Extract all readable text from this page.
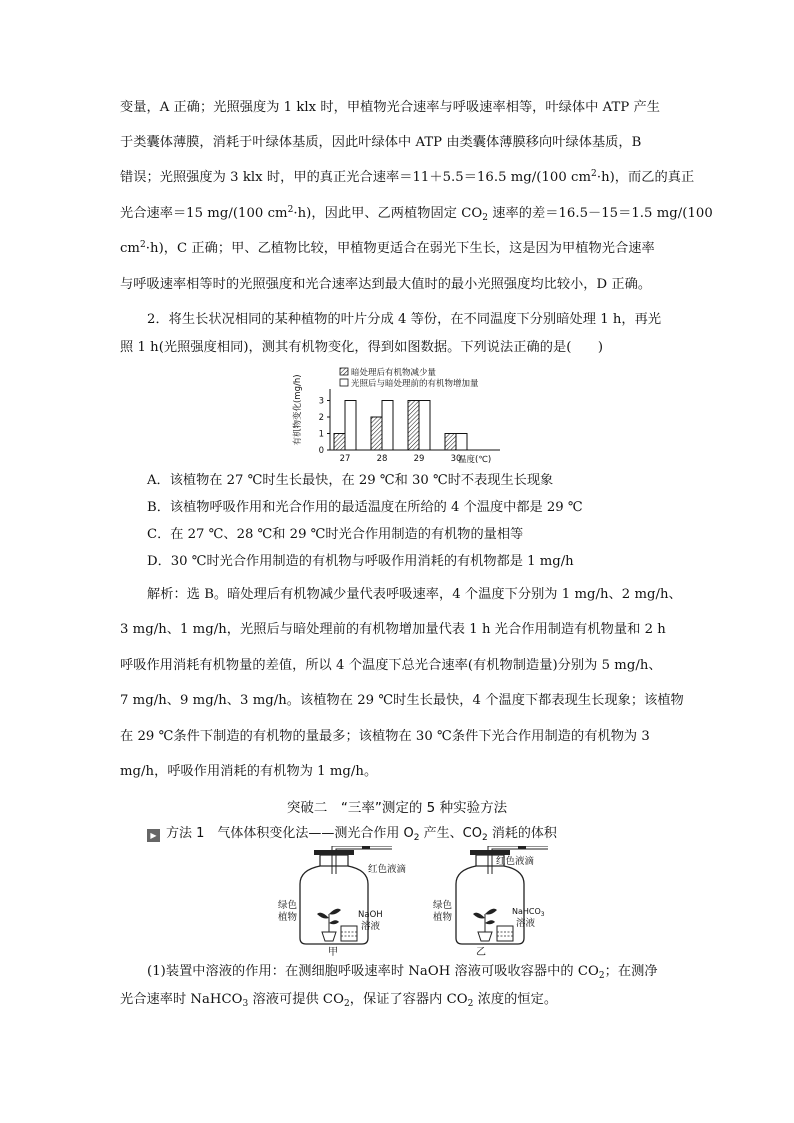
变量，A 正确；光照强度为 1 klx 时，甲植物光合速率与呼吸速率相等，叶绿体中 ATP 产生
于类囊体薄膜，消耗于叶绿体基质，因此叶绿体中 ATP 由类囊体薄膜移向叶绿体基质，B
错误；光照强度为 3 klx 时，甲的真正光合速率＝11＋5.5＝16.5 mg/(100 $cm^2\cdot h$)，而乙的真正
光合速率＝15 mg/(100 $cm^2\cdot h$)，因此甲、乙两植物固定 $CO_2$ 速率的差＝16.5－15＝1.5 mg/(100
$cm^2\cdot h$)，C 正确；甲、乙植物比较，甲植物更适合在弱光下生长，这是因为甲植物光合速率
与呼吸速率相等时的光照强度和光合速率达到最大值时的最小光照强度均比较小，D 正确。
2．将生长状况相同的某种植物的叶片分成 4 等份，在不同温度下分别暗处理 1 h，再光
照 1 h(光照强度相同)，测其有机物变化，得到如图数据。下列说法正确的是(　　)
有机物变化(mg/h)
0
1
2
3
27	28	29	30
温度(℃)
暗处理后有机物减少量
光照后与暗处理前的有机物增加量
A．该植物在 27 ℃时生长最快，在 29 ℃和 30 ℃时不表现生长现象
B．该植物呼吸作用和光合作用的最适温度在所给的 4 个温度中都是 29 ℃
C．在 27 ℃、28 ℃和 29 ℃时光合作用制造的有机物的量相等
D．30 ℃时光合作用制造的有机物与呼吸作用消耗的有机物都是 1 mg/h
解析：选 B。暗处理后有机物减少量代表呼吸速率，4 个温度下分别为 1 mg/h、2 mg/h、
3 mg/h、1 mg/h，光照后与暗处理前的有机物增加量代表 1 h 光合作用制造有机物量和 2 h
呼吸作用消耗有机物量的差值，所以 4 个温度下总光合速率(有机物制造量)分别为 5 mg/h、
7 mg/h、9 mg/h、3 mg/h。该植物在 29 ℃时生长最快，4 个温度下都表现生长现象；该植物
在 29 ℃条件下制造的有机物的量最多；该植物在 30 ℃条件下光合作用制造的有机物为 3
mg/h，呼吸作用消耗的有机物为 1 mg/h。
突破二　“三率”测定的 5 种实验方法
▶ 方法 1　气体体积变化法——测光合作用 $O_2$ 产生、$CO_2$ 消耗的体积
红色液滴
绿色
植物	NaOH
溶液
甲
红色液滴
绿色
植物
NaHCO$_3$
溶液
乙
(1)装置中溶液的作用：在测细胞呼吸速率时 NaOH 溶液可吸收容器中的 $CO_2$；在测净
光合速率时 NaHCO$_3$ 溶液可提供 $CO_2$，保证了容器内 $CO_2$ 浓度的恒定。
